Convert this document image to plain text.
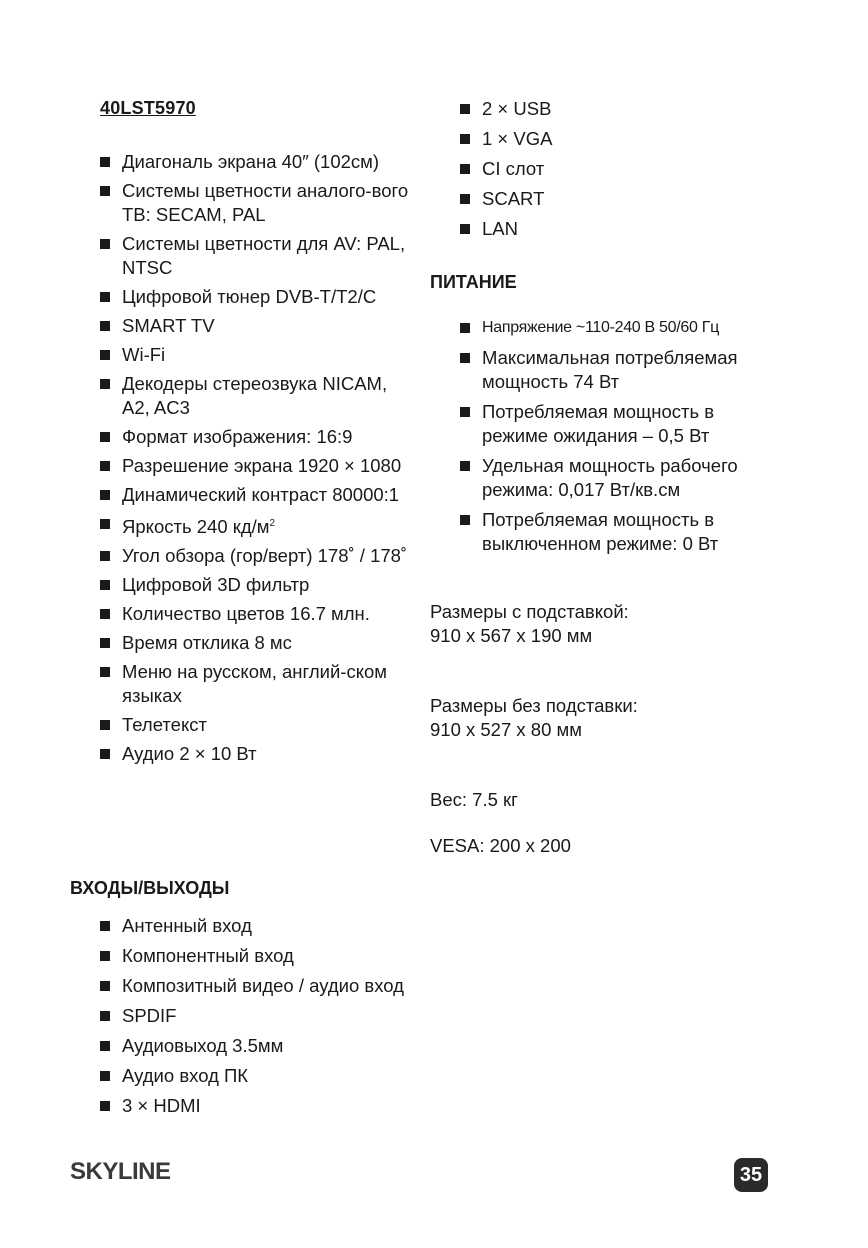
40LST5970
Диагональ экрана 40″ (102см)
Системы цветности аналого-вого ТВ: SECAM, PAL
Системы цветности для AV: PAL, NTSC
Цифровой тюнер DVB-T/T2/C
SMART TV
Wi-Fi
Декодеры стереозвука NICAM, A2, AC3
Формат изображения: 16:9
Разрешение экрана 1920 × 1080
Динамический контраст 80000:1
Яркость 240 $кд/м^2$
Угол обзора (гор/верт) 178˚ / 178˚
Цифровой 3D фильтр
Количество цветов 16.7 млн.
Время отклика 8 мс
Меню на русском, англий-ском языках
Телетекст
Аудио 2 × 10 Вт
ВХОДЫ/ВЫХОДЫ
Антенный вход
Компонентный вход
Композитный видео / аудио вход
SPDIF
Аудиовыход 3.5мм
Аудио вход ПК
3 × HDMI
2 × USB
1 × VGA
CI слот
SCART
LAN
ПИТАНИЕ
Напряжение ~110-240 В 50/60 Гц
Максимальная потребляемая мощность 74 Вт
Потребляемая мощность в режиме ожидания – 0,5 Вт
Удельная мощность рабочего режима: 0,017 Вт/кв.см
Потребляемая мощность в выключенном режиме: 0 Вт
Размеры с подставкой:
910 x 567 x 190 мм
Размеры без подставки:
910 x 527 x 80 мм
Вес: 7.5 кг
VESA: 200 x 200
SKYLINE	35
